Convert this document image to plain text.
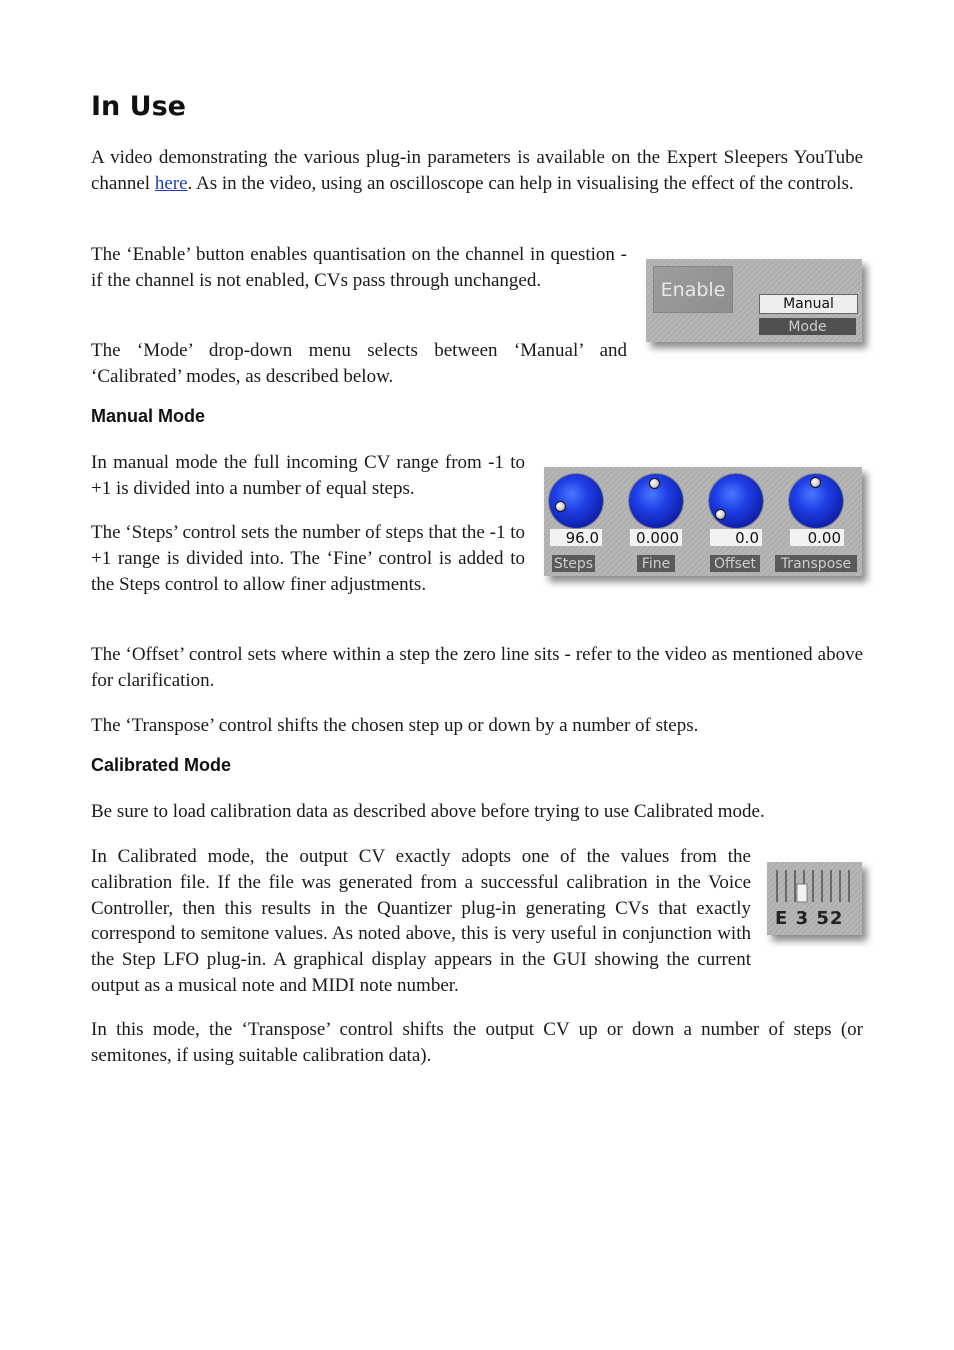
In Use

A video demonstrating the various plug-in parameters is available on the Expert Sleepers YouTube channel here. As in the video, using an oscilloscope can help in visualising the effect of the controls.

The ‘Enable’ button enables quantisation on the channel in question - if the channel is not enabled, CVs pass through unchanged.

The ‘Mode’ drop-down menu selects between ‘Manual’ and ‘Calibrated’ modes, as described below.

Enable
Manual
Mode
Manual Mode

In manual mode the full incoming CV range from -1 to +1 is divided into a number of equal steps.

The ‘Steps’ control sets the number of steps that the -1 to +1 range is divided into. The ‘Fine’ control is added to the Steps control to allow finer adjustments.

96.0
Steps
0.000
Fine
0.0
Offset
0.00
Transpose

The ‘Offset’ control sets where within a step the zero line sits - refer to the video as mentioned above for clarification.

The ‘Transpose’ control shifts the chosen step up or down by a number of steps.

Calibrated Mode

Be sure to load calibration data as described above before trying to use Calibrated mode.

In Calibrated mode, the output CV exactly adopts one of the values from the calibration file. If the file was generated from a successful calibration in the Voice Controller, then this results in the Quantizer plug-in generating CVs that exactly correspond to semitone values. As noted above, this is very useful in conjunction with the Step LFO plug-in. A graphical display appears in the GUI showing the current output as a musical note and MIDI note number.

E 3 52

In this mode, the ‘Transpose’ control shifts the output CV up or down a number of steps (or semitones, if using suitable calibration data).
